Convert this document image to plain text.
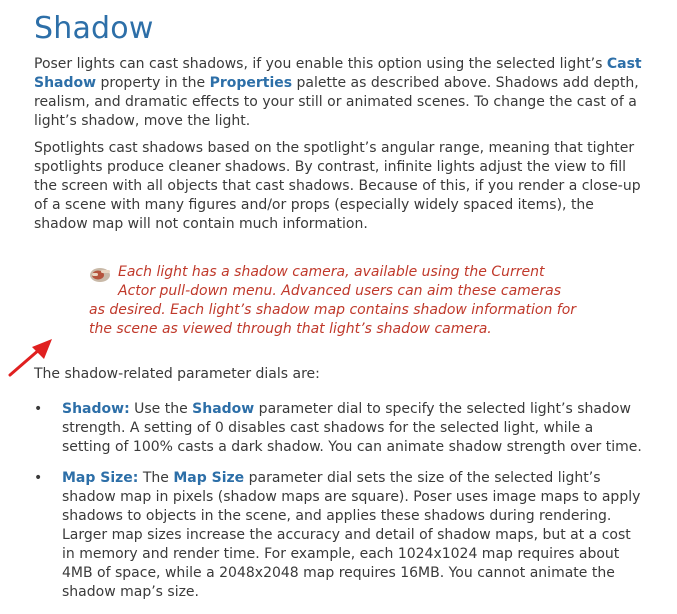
Shadow

Poser lights can cast shadows, if you enable this option using the selected light’s Cast Shadow property in the Properties palette as described above. Shadows add depth, realism, and dramatic effects to your still or animated scenes. To change the cast of a light’s shadow, move the light.

Spotlights cast shadows based on the spotlight’s angular range, meaning that tighter spotlights produce cleaner shadows. By contrast, infinite lights adjust the view to fill the screen with all objects that cast shadows. Because of this, if you render a close-up of a scene with many figures and/or props (especially widely spaced items), the shadow map will not contain much information.

Each light has a shadow camera, available using the Current
Actor pull-down menu. Advanced users can aim these cameras
as desired. Each light’s shadow map contains shadow information for
the scene as viewed through that light’s shadow camera.

The shadow-related parameter dials are:

• Shadow: Use the Shadow parameter dial to specify the selected light’s shadow strength. A setting of 0 disables cast shadows for the selected light, while a setting of 100% casts a dark shadow. You can animate shadow strength over time.
• Map Size: The Map Size parameter dial sets the size of the selected light’s shadow map in pixels (shadow maps are square). Poser uses image maps to apply shadows to objects in the scene, and applies these shadows during rendering. Larger map sizes increase the accuracy and detail of shadow maps, but at a cost in memory and render time. For example, each 1024x1024 map requires about 4MB of space, while a 2048x2048 map requires 16MB. You cannot animate the shadow map’s size.
